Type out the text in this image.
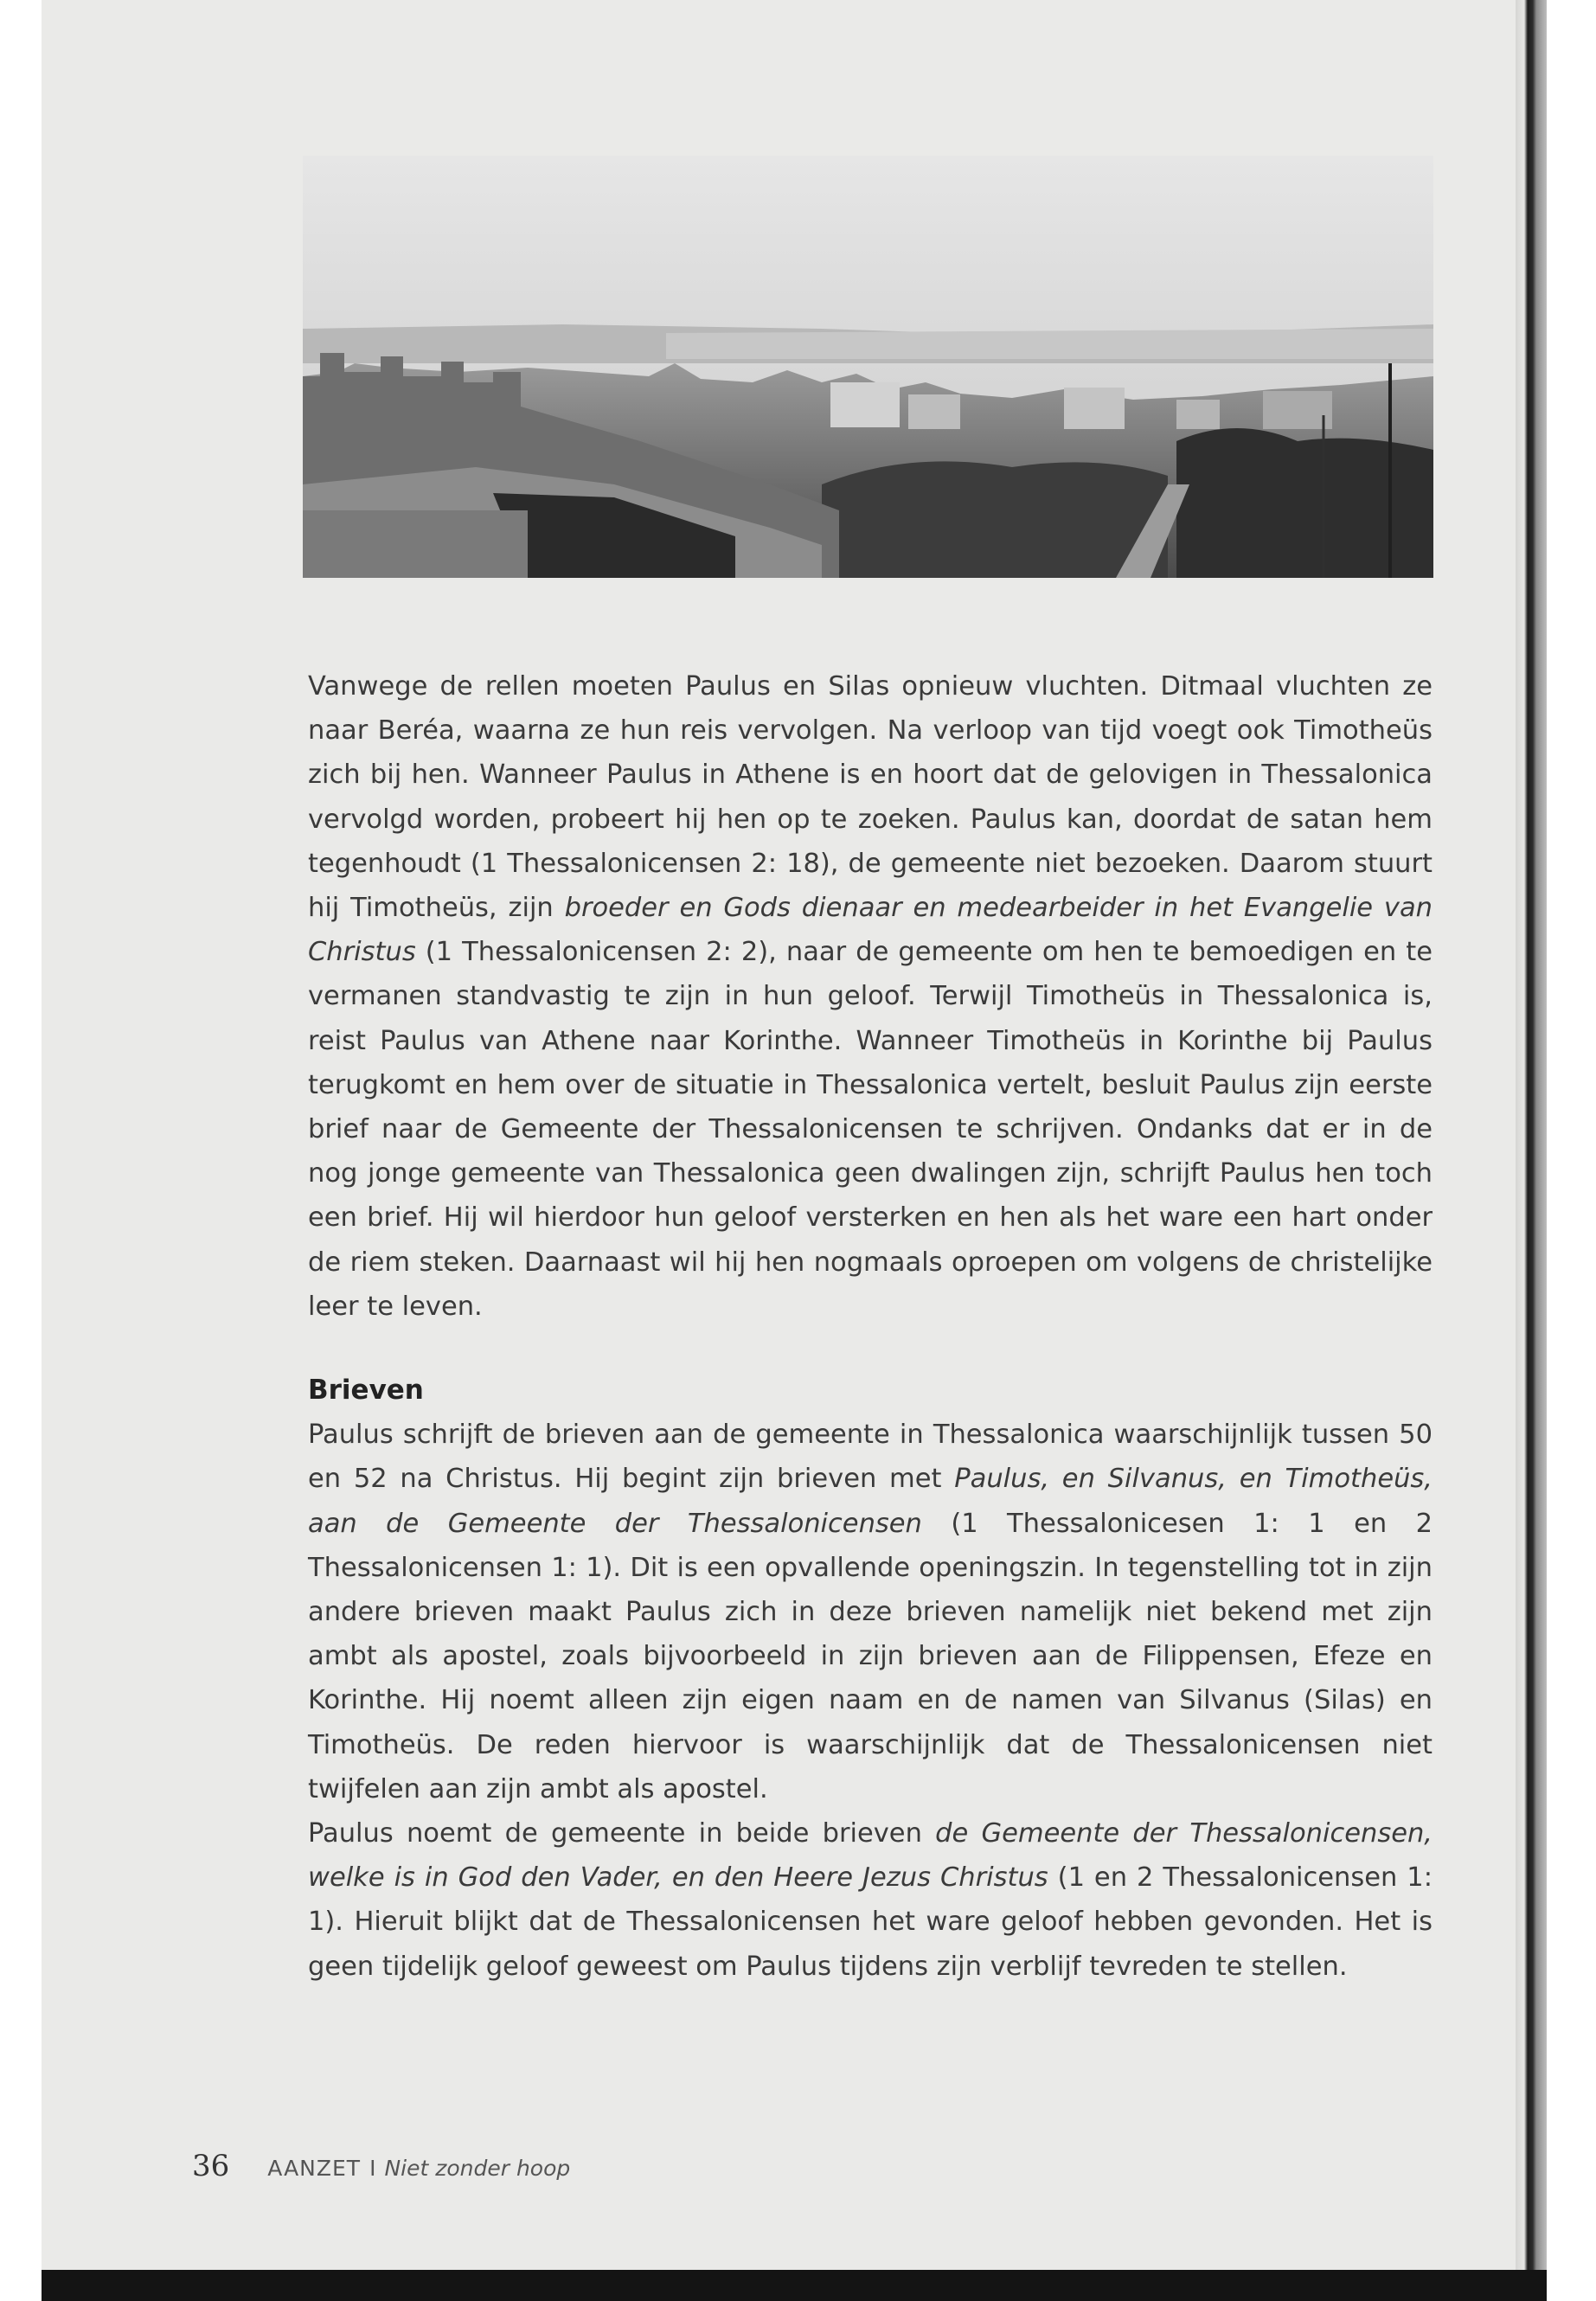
Vanwege de rellen moeten Paulus en Silas opnieuw vluchten. Ditmaal vluchten ze naar Beréa, waarna ze hun reis vervolgen. Na verloop van tijd voegt ook Timotheüs zich bij hen. Wanneer Paulus in Athene is en hoort dat de gelovigen in Thessalonica vervolgd worden, probeert hij hen op te zoeken. Paulus kan, doordat de satan hem tegenhoudt (1 Thessalonicensen 2: 18), de gemeente niet bezoeken. Daarom stuurt hij Timotheüs, zijn broeder en Gods dienaar en medearbeider in het Evangelie van Christus (1 Thessalonicensen 2: 2), naar de gemeente om hen te bemoedigen en te vermanen standvastig te zijn in hun geloof. Terwijl Timotheüs in Thessalonica is, reist Paulus van Athene naar Korinthe. Wanneer Timotheüs in Korinthe bij Paulus terugkomt en hem over de situatie in Thessalonica vertelt, besluit Paulus zijn eerste brief naar de Gemeente der Thessalonicensen te schrijven. Ondanks dat er in de nog jonge gemeente van Thessalonica geen dwalingen zijn, schrijft Paulus hen toch een brief. Hij wil hierdoor hun geloof versterken en hen als het ware een hart onder de riem steken. Daarnaast wil hij hen nogmaals oproepen om volgens de christelijke leer te leven.

Brieven

Paulus schrijft de brieven aan de gemeente in Thessalonica waarschijnlijk tussen 50 en 52 na Christus. Hij begint zijn brieven met Paulus, en Silvanus, en Timotheüs, aan de Gemeente der Thessalonicensen (1 Thessalonicesen 1: 1 en 2 Thessalonicensen 1: 1). Dit is een opvallende openingszin. In tegenstelling tot in zijn andere brieven maakt Paulus zich in deze brieven namelijk niet bekend met zijn ambt als apostel, zoals bijvoorbeeld in zijn brieven aan de Filippensen, Efeze en Korinthe. Hij noemt alleen zijn eigen naam en de namen van Silvanus (Silas) en Timotheüs. De reden hiervoor is waarschijnlijk dat de Thessalonicensen niet twijfelen aan zijn ambt als apostel.

Paulus noemt de gemeente in beide brieven de Gemeente der Thessalonicensen, welke is in God den Vader, en den Heere Jezus Christus (1 en 2 Thessalonicensen 1: 1). Hieruit blijkt dat de Thessalonicensen het ware geloof hebben gevonden. Het is geen tijdelijk geloof geweest om Paulus tijdens zijn verblijf tevreden te stellen.

36 AANZET I Niet zonder hoop
